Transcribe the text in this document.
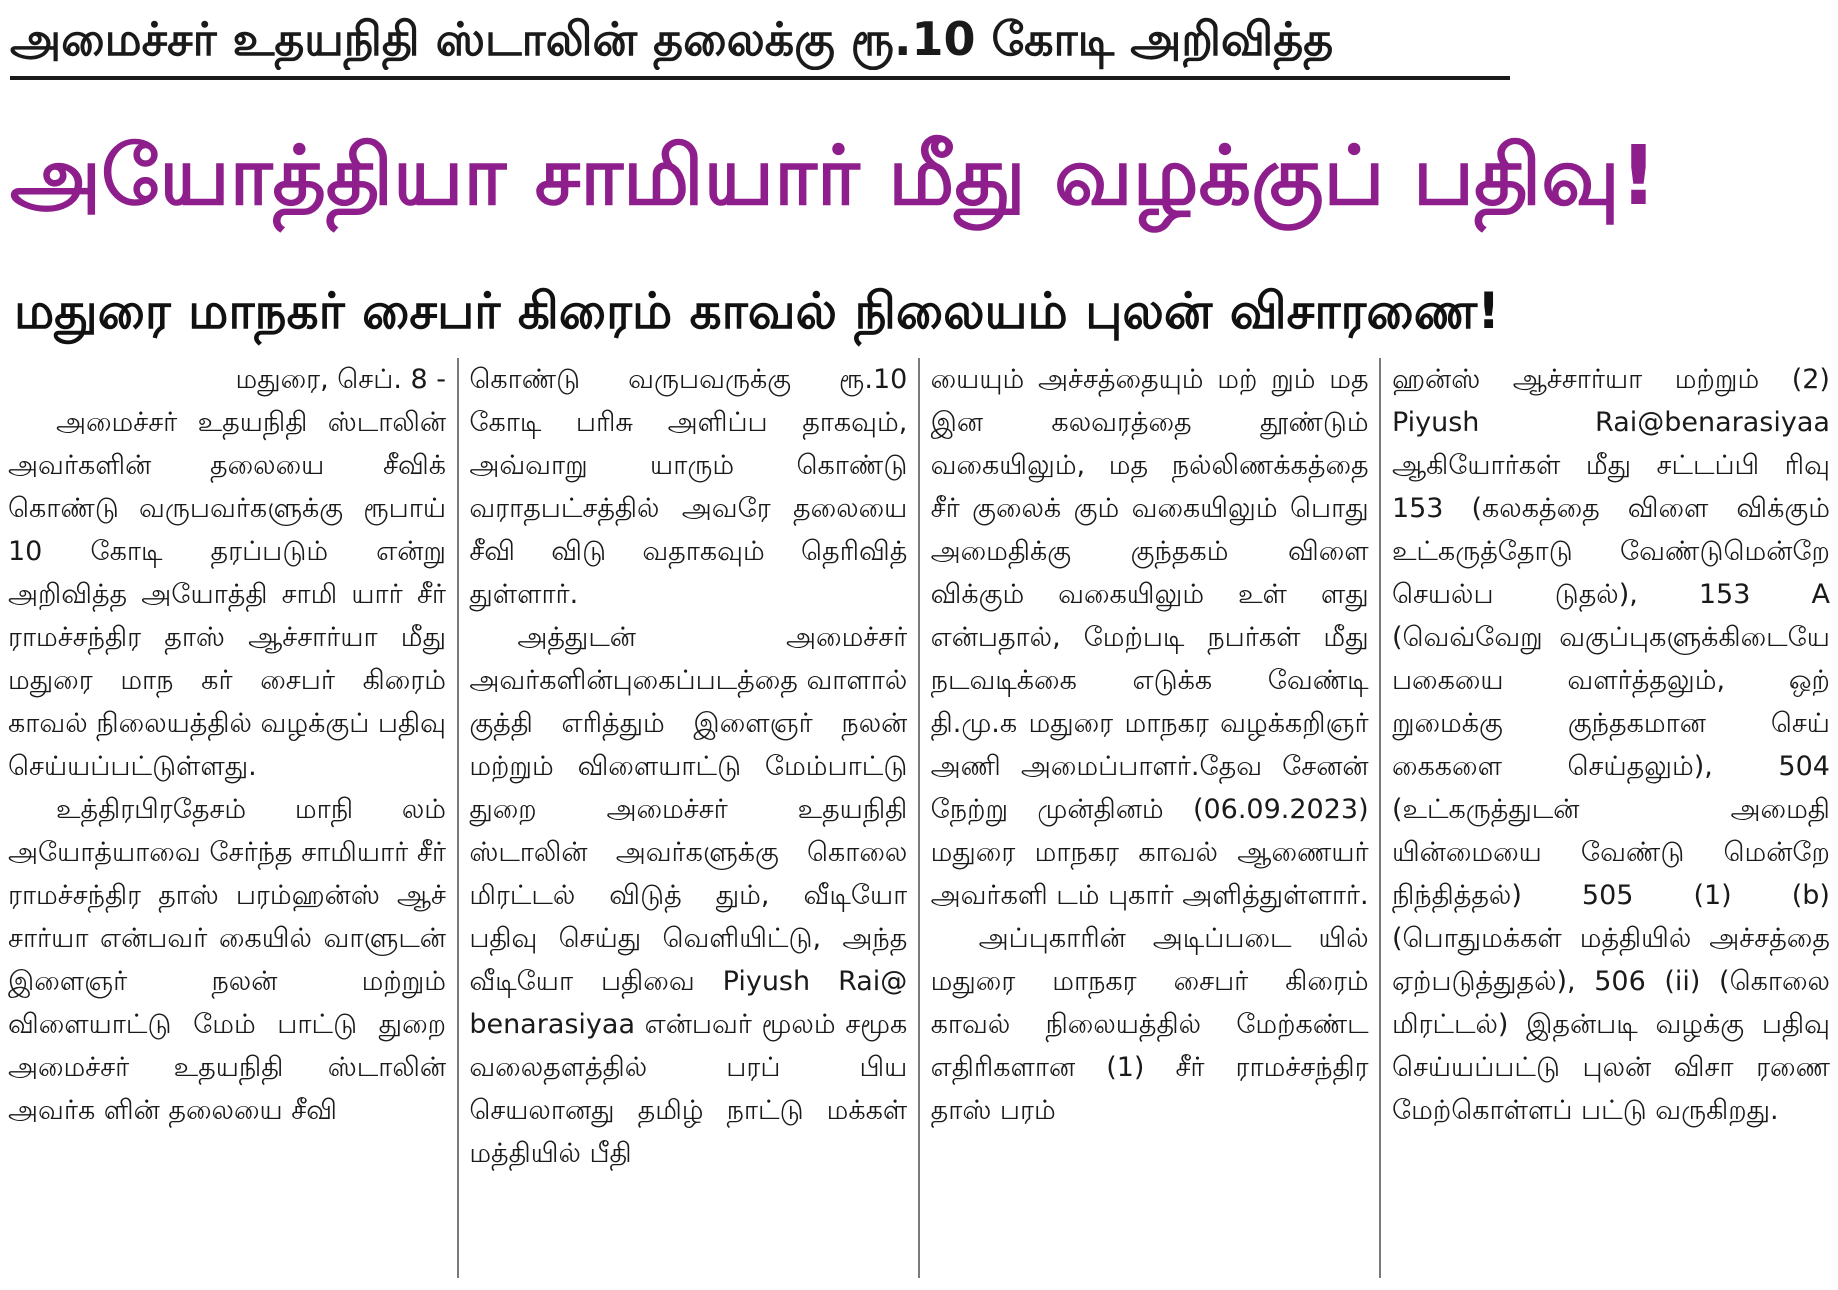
அமைச்சர் உதயநிதி ஸ்டாலின் தலைக்கு ரூ.10 கோடி அறிவித்த
அயோத்தியா சாமியார் மீது வழக்குப் பதிவு!
மதுரை மாநகர் சைபர் கிரைம் காவல் நிலையம் புலன் விசாரணை!

மதுரை, செப். 8 -

அமைச்சர் உதயநிதி ஸ்டாலின் அவர்களின் தலையை சீவிக் கொண்டு வருபவர்களுக்கு ரூபாய் 10 கோடி தரப்படும் என்று அறிவித்த அயோத்தி சாமி யார் சீர் ராமச்சந்திர தாஸ் ஆச்சார்யா மீது மதுரை மாந கர் சைபர் கிரைம் காவல் நிலையத்தில் வழக்குப் பதிவு செய்யப்பட்டுள்ளது.

உத்திரபிரதேசம் மாநி லம் அயோத்யாவை சேர்ந்த சாமியார் சீர் ராமச்சந்திர தாஸ் பரம்ஹன்ஸ் ஆச் சார்யா என்பவர் கையில் வாளுடன் இளைஞர் நலன் மற்றும் விளையாட்டு மேம் பாட்டு துறை அமைச்சர் உதயநிதி ஸ்டாலின் அவர்க ளின் தலையை சீவி

கொண்டு வருபவருக்கு ரூ.10 கோடி பரிசு அளிப்ப தாகவும், அவ்வாறு யாரும் கொண்டு வராதபட்சத்தில் அவரே தலையை சீவி விடு வதாகவும் தெரிவித் துள்ளார்.

அத்துடன் அமைச்சர் அவர்களின்புகைப்படத்தை வாளால் குத்தி எரித்தும் இளைஞர் நலன் மற்றும் விளையாட்டு மேம்பாட்டு துறை அமைச்சர் உதயநிதி ஸ்டாலின் அவர்களுக்கு கொலை மிரட்டல் விடுத் தும், வீடியோ பதிவு செய்து வெளியிட்டு, அந்த வீடியோ பதிவை Piyush Rai@ benarasiyaa என்பவர் மூலம் சமூக வலைதளத்தில் பரப் பிய செயலானது தமிழ் நாட்டு மக்கள் மத்தியில் பீதி

யையும் அச்சத்தையும் மற் றும் மத இன கலவரத்தை தூண்டும் வகையிலும், மத நல்லிணக்கத்தை சீர் குலைக் கும் வகையிலும் பொது அமைதிக்கு குந்தகம் விளை விக்கும் வகையிலும் உள் ளது என்பதால், மேற்படி நபர்கள் மீது நடவடிக்கை எடுக்க வேண்டி தி.மு.க மதுரை மாநகர வழக்கறிஞர் அணி அமைப்பாளர்.தேவ சேனன் நேற்று முன்தினம் (06.09.2023) மதுரை மாநகர காவல் ஆணையர் அவர்களி டம் புகார் அளித்துள்ளார்.

அப்புகாரின் அடிப்படை யில் மதுரை மாநகர சைபர் கிரைம் காவல் நிலையத்தில் மேற்கண்ட எதிரிகளான (1) சீர் ராமச்சந்திர தாஸ் பரம்

ஹன்ஸ் ஆச்சார்யா மற்றும் (2) Piyush Rai@benarasiyaa ஆகியோர்கள் மீது சட்டப்பி ரிவு 153 (கலகத்தை விளை விக்கும் உட்கருத்தோடு வேண்டுமென்றே செயல்ப டுதல்), 153 A (வெவ்வேறு வகுப்புகளுக்கிடையே பகையை வளர்த்தலும், ஒற் றுமைக்கு குந்தகமான செய் கைகளை செய்தலும்), 504 (உட்கருத்துடன் அமைதி யின்மையை வேண்டு மென்றே நிந்தித்தல்) 505 (1) (b) (பொதுமக்கள் மத்தியில் அச்சத்தை ஏற்படுத்துதல்), 506 (ii) (கொலை மிரட்டல்) இதன்படி வழக்கு பதிவு செய்யப்பட்டு புலன் விசா ரணை மேற்கொள்ளப் பட்டு வருகிறது.
